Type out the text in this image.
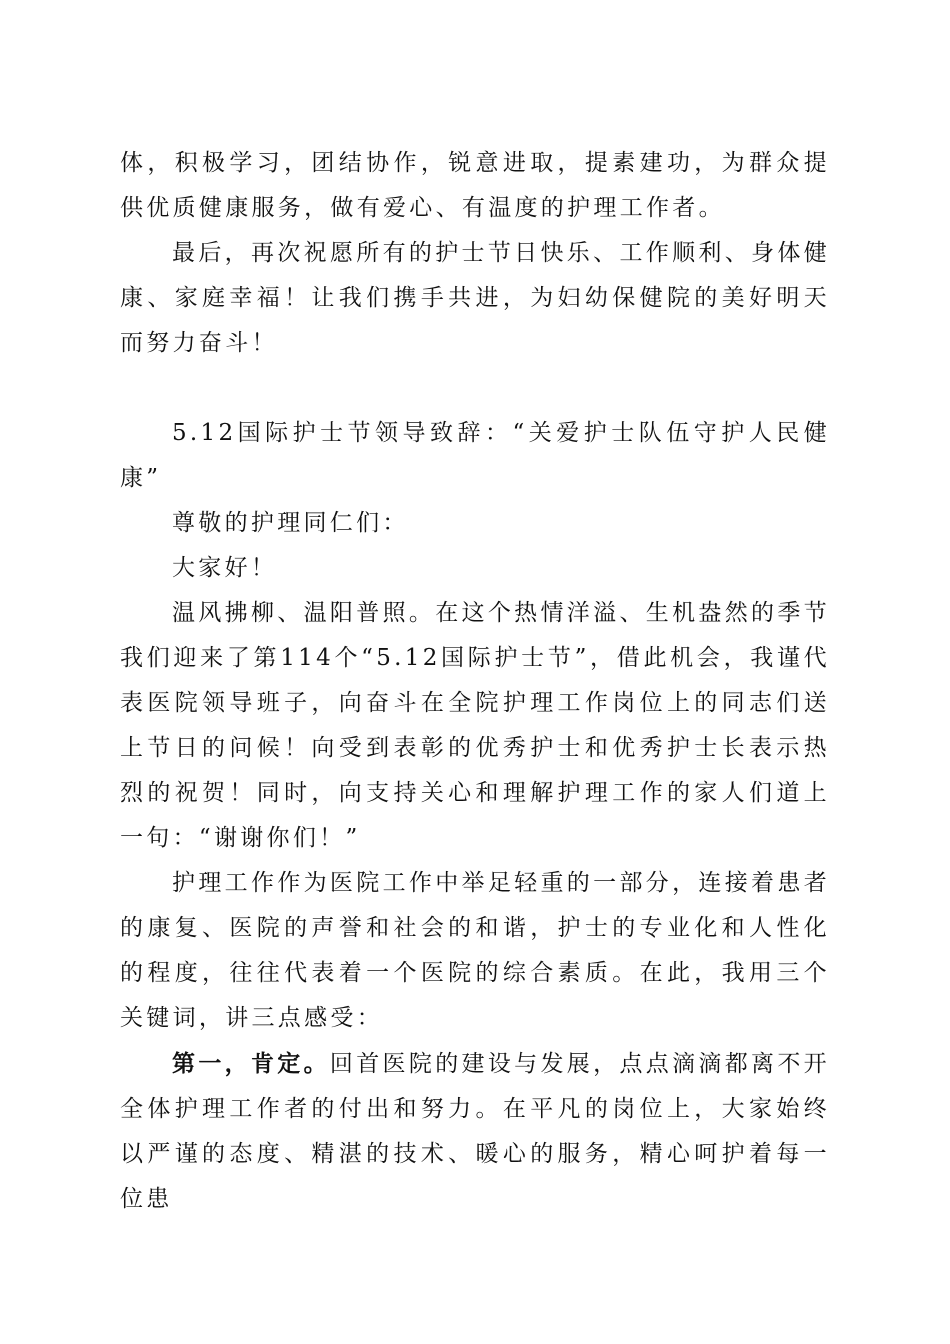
体，积极学习，团结协作，锐意进取，提素建功，为群众提供优质健康服务，做有爱心、有温度的护理工作者。

最后，再次祝愿所有的护士节日快乐、工作顺利、身体健康、家庭幸福！让我们携手共进，为妇幼保健院的美好明天而努力奋斗！

5.12国际护士节领导致辞：“关爱护士队伍守护人民健康”

尊敬的护理同仁们：

大家好！

温风拂柳、温阳普照。在这个热情洋溢、生机盎然的季节我们迎来了第114个“5.12国际护士节”，借此机会，我谨代表医院领导班子，向奋斗在全院护理工作岗位上的同志们送上节日的问候！向受到表彰的优秀护士和优秀护士长表示热烈的祝贺！同时，向支持关心和理解护理工作的家人们道上一句：“谢谢你们！”

护理工作作为医院工作中举足轻重的一部分，连接着患者的康复、医院的声誉和社会的和谐，护士的专业化和人性化的程度，往往代表着一个医院的综合素质。在此，我用三个关键词，讲三点感受：

第一，肯定。回首医院的建设与发展，点点滴滴都离不开全体护理工作者的付出和努力。在平凡的岗位上，大家始终以严谨的态度、精湛的技术、暖心的服务，精心呵护着每一位患
